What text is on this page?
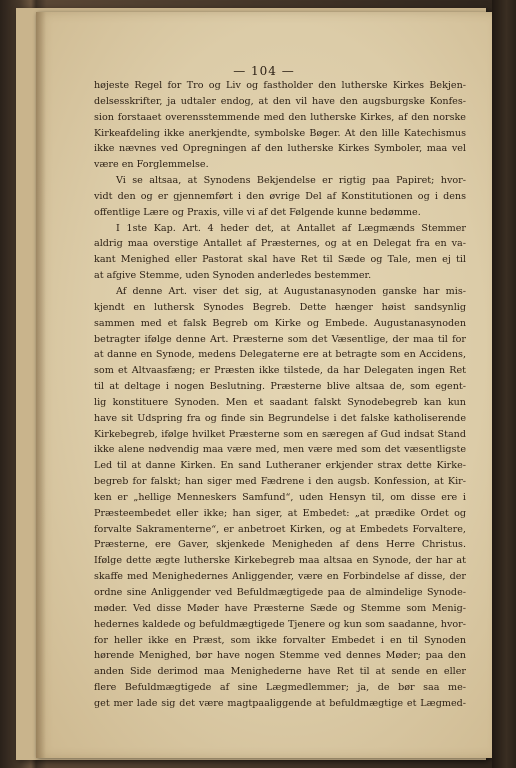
— 104 —
højeste Regel for Tro og Liv og fastholder den lutherske Kirkes Bekjen-
delsesskrifter, ja udtaler endog, at den vil have den augsburgske Konfes-
sion forstaaet overensstemmende med den lutherske Kirkes, af den norske
Kirkeafdeling ikke anerkjendte, symbolske Bøger. At den lille Katechismus
ikke nævnes ved Opregningen af den lutherske Kirkes Symboler, maa vel
være en Forglemmelse.
Vi se altsaa, at Synodens Bekjendelse er rigtig paa Papiret; hvor-
vidt den og er gjennemført i den øvrige Del af Konstitutionen og i dens
offentlige Lære og Praxis, ville vi af det Følgende kunne bedømme.
I 1ste Kap. Art. 4 heder det, at Antallet af Lægmænds Stemmer
aldrig maa overstige Antallet af Præsternes, og at en Delegat fra en va-
kant Menighed eller Pastorat skal have Ret til Sæde og Tale, men ej til
at afgive Stemme, uden Synoden anderledes bestemmer.
Af denne Art. viser det sig, at Augustanasynoden ganske har mis-
kjendt en luthersk Synodes Begreb. Dette hænger høist sandsynlig
sammen med et falsk Begreb om Kirke og Embede. Augustanasynoden
betragter ifølge denne Art. Præsterne som det Væsentlige, der maa til for
at danne en Synode, medens Delegaterne ere at betragte som en Accidens,
som et Altvaasfæng; er Præsten ikke tilstede, da har Delegaten ingen Ret
til at deltage i nogen Beslutning. Præsterne blive altsaa de, som egent-
lig konstituere Synoden. Men et saadant falskt Synodebegreb kan kun
have sit Udspring fra og finde sin Begrundelse i det falske katholiserende
Kirkebegreb, ifølge hvilket Præsterne som en særegen af Gud indsat Stand
ikke alene nødvendig maa være med, men være med som det væsentligste
Led til at danne Kirken. En sand Lutheraner erkjender strax dette Kirke-
begreb for falskt; han siger med Fædrene i den augsb. Konfession, at Kir-
ken er „hellige Menneskers Samfund“, uden Hensyn til, om disse ere i
Præsteembedet eller ikke; han siger, at Embedet: „at prædike Ordet og
forvalte Sakramenterne“, er anbetroet Kirken, og at Embedets Forvaltere,
Præsterne, ere Gaver, skjenkede Menigheden af dens Herre Christus.
Ifølge dette ægte lutherske Kirkebegreb maa altsaa en Synode, der har at
skaffe med Menighedernes Anliggender, være en Forbindelse af disse, der
ordne sine Anliggender ved Befuldmægtigede paa de almindelige Synode-
møder. Ved disse Møder have Præsterne Sæde og Stemme som Menig-
hedernes kaldede og befuldmægtigede Tjenere og kun som saadanne, hvor-
for heller ikke en Præst, som ikke forvalter Embedet i en til Synoden
hørende Menighed, bør have nogen Stemme ved dennes Møder; paa den
anden Side derimod maa Menighederne have Ret til at sende en eller
flere Befuldmægtigede af sine Lægmedlemmer; ja, de bør saa me-
get mer lade sig det være magtpaaliggende at befuldmægtige et Lægmed-
